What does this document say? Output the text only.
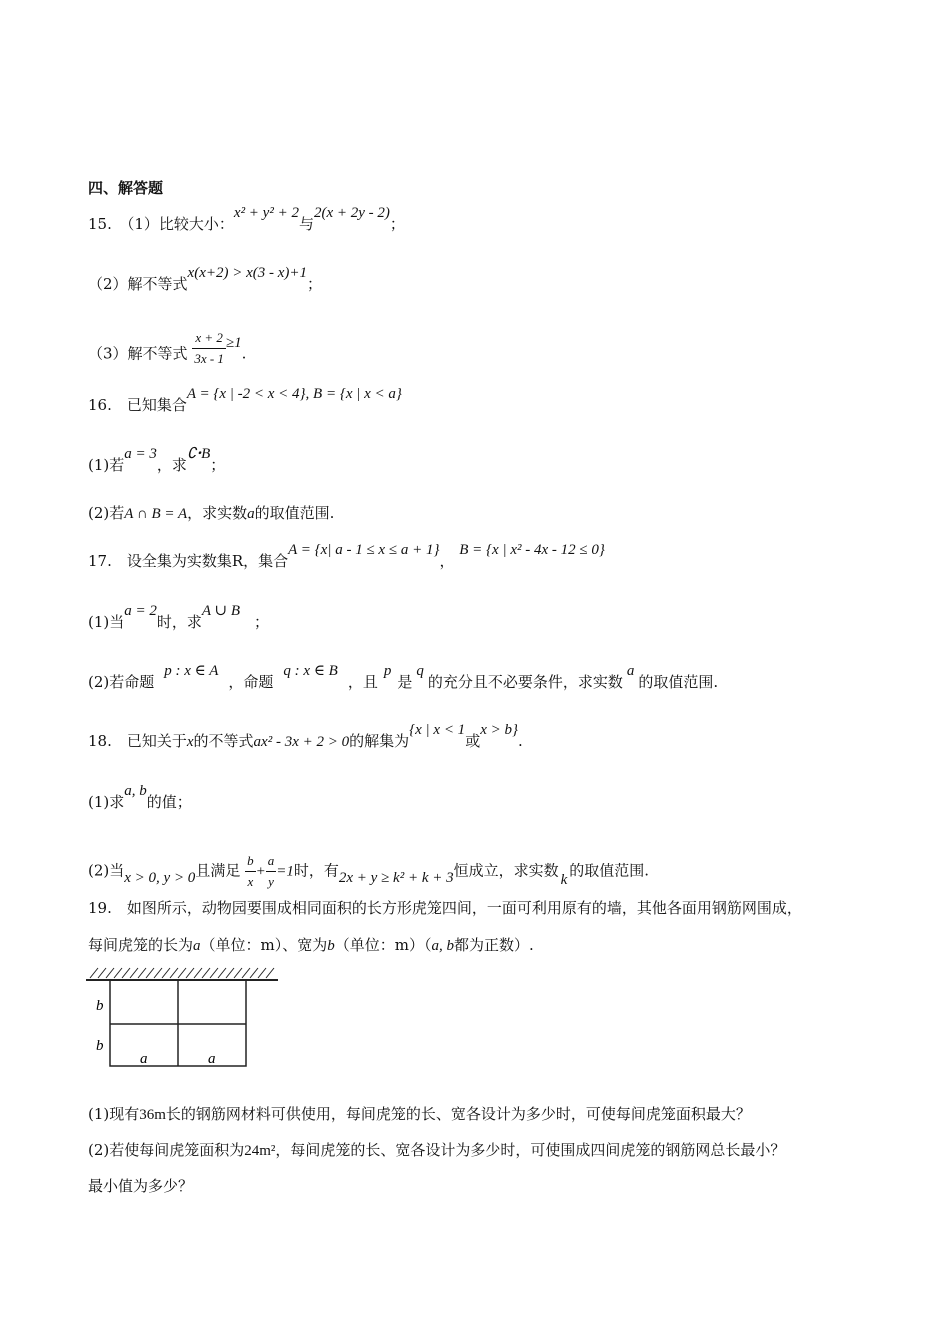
四、解答题
15.　（1）比较大小：x² + y² + 2与2(x + 2y - 2)；
（2）解不等式x(x+2) > x(3 - x)+1；
（3）解不等式 $\frac{x + 2}{3x - 1} \ge 1$.
16.　已知集合A = {x | -2 < x < 4}, B = {x | x < a}
(1)若a = 3，求∁ꞏB；
(2)若A ∩ B = A，求实数a的取值范围.
17.　设全集为实数集R，集合A = {x| a - 1 ≤ x ≤ a + 1}， B = {x | x² - 4x - 12 ≤ 0}
(1)当a = 2时，求A ∪ B；
(2)若命题p : x ∈ A，命题q : x ∈ B，且p是q的充分且不必要条件，求实数a的取值范围.
18.　已知关于x的不等式ax² - 3x + 2 > 0的解集为{x | x < 1或x > b}.
(1)求a, b的值；
(2)当x > 0, y > 0且满足 $\frac{b}{x} + \frac{a}{y} =1$时，有2x + y ≥ k² + k + 3恒成立，求实数 k 的取值范围.
19.　如图所示，动物园要围成相同面积的长方形虎笼四间，一面可利用原有的墙，其他各面用钢筋网围成，
每间虎笼的长为a（单位：m）、宽为b（单位：m）（a, b都为正数）.
b
b
a	a
(1)现有36m长的钢筋网材料可供使用，每间虎笼的长、宽各设计为多少时，可使每间虎笼面积最大？
(2)若使每间虎笼面积为24m²，每间虎笼的长、宽各设计为多少时，可使围成四间虎笼的钢筋网总长最小？
最小值为多少？
